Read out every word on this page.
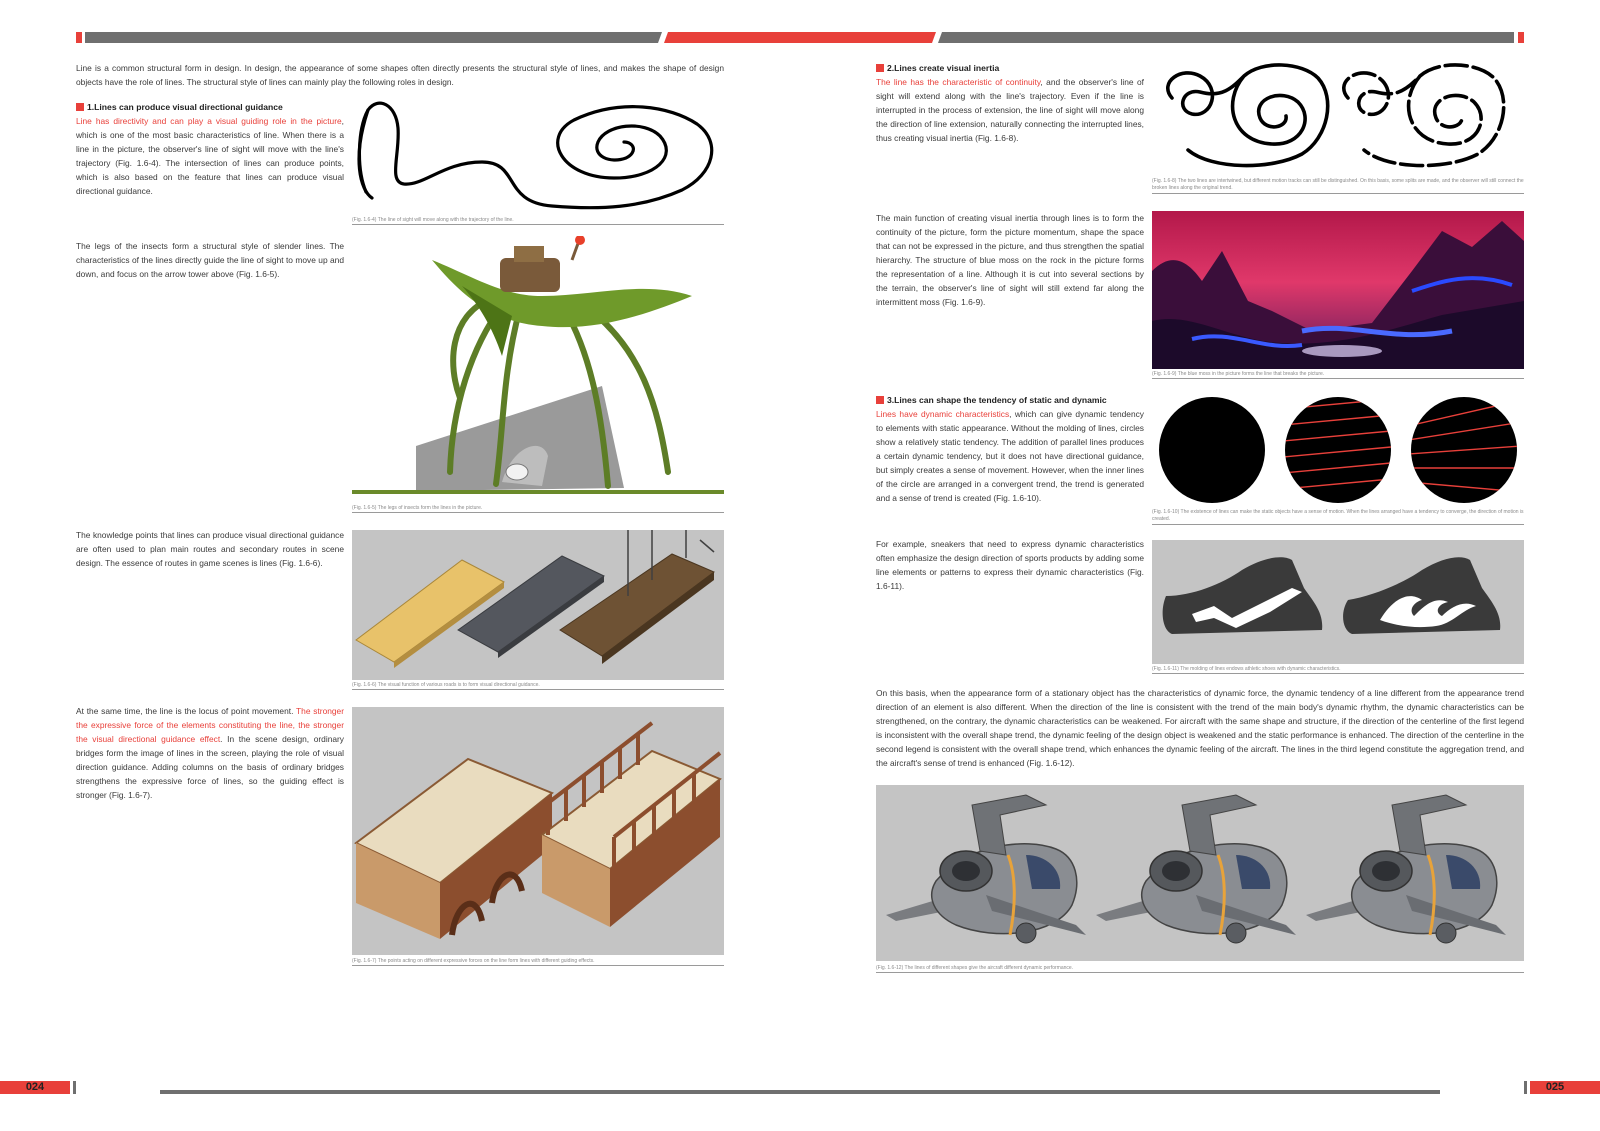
Line is a common structural form in design. In design, the appearance of some shapes often directly presents the structural style of lines, and makes the shape of design objects have the role of lines. The structural style of lines can mainly play the following roles in design.

1.Lines can produce visual directional guidance

Line has directivity and can play a visual guiding role in the picture, which is one of the most basic characteristics of line. When there is a line in the picture, the observer's line of sight will move with the line's trajectory (Fig. 1.6-4). The intersection of lines can produce points, which is also based on the feature that lines can produce visual directional guidance.

(Fig. 1.6-4) The line of sight will move along with the trajectory of the line.

The legs of the insects form a structural style of slender lines. The characteristics of the lines directly guide the line of sight to move up and down, and focus on the arrow tower above (Fig. 1.6-5).

(Fig. 1.6-5) The legs of insects form the lines in the picture.

The knowledge points that lines can produce visual directional guidance are often used to plan main routes and secondary routes in scene design. The essence of routes in game scenes is lines (Fig. 1.6-6).

(Fig. 1.6-6) The visual function of various roads is to form visual directional guidance.

At the same time, the line is the locus of point movement. The stronger the expressive force of the elements constituting the line, the stronger the visual directional guidance effect. In the scene design, ordinary bridges form the image of lines in the screen, playing the role of visual direction guidance. Adding columns on the basis of ordinary bridges strengthens the expressive force of lines, so the guiding effect is stronger (Fig. 1.6-7).

(Fig. 1.6-7) The points acting on different expressive forces on the line form lines with different guiding effects.
2.Lines create visual inertia

The line has the characteristic of continuity, and the observer's line of sight will extend along with the line's trajectory. Even if the line is interrupted in the process of extension, the line of sight will move along the direction of line extension, naturally connecting the interrupted lines, thus creating visual inertia (Fig. 1.6-8).

(Fig. 1.6-8) The two lines are intertwined, but different motion tracks can still be distinguished. On this basis, some splits are made, and the observer will still connect the broken lines along the original trend.

The main function of creating visual inertia through lines is to form the continuity of the picture, form the picture momentum, shape the space that can not be expressed in the picture, and thus strengthen the spatial hierarchy. The structure of blue moss on the rock in the picture forms the representation of a line. Although it is cut into several sections by the terrain, the observer's line of sight will still extend far along the intermittent moss (Fig. 1.6-9).

(Fig. 1.6-9) The blue moss in the picture forms the line that breaks the picture.
3.Lines can shape the tendency of static and dynamic

Lines have dynamic characteristics, which can give dynamic tendency to elements with static appearance. Without the molding of lines, circles show a relatively static tendency. The addition of parallel lines produces a certain dynamic tendency, but it does not have directional guidance, but simply creates a sense of movement. However, when the inner lines of the circle are arranged in a convergent trend, the trend is generated and a sense of trend is created (Fig. 1.6-10).

(Fig. 1.6-10) The existence of lines can make the static objects have a sense of motion. When the lines arranged have a tendency to converge, the direction of motion is created.

For example, sneakers that need to express dynamic characteristics often emphasize the design direction of sports products by adding some line elements or patterns to express their dynamic characteristics (Fig. 1.6-11).

(Fig. 1.6-11) The molding of lines endows athletic shoes with dynamic characteristics.

On this basis, when the appearance form of a stationary object has the characteristics of dynamic force, the dynamic tendency of a line different from the appearance trend direction of an element is also different. When the direction of the line is consistent with the trend of the main body's dynamic rhythm, the dynamic characteristics can be strengthened, on the contrary, the dynamic characteristics can be weakened. For aircraft with the same shape and structure, if the direction of the centerline of the first legend is inconsistent with the overall shape trend, the dynamic feeling of the design object is weakened and the static performance is enhanced. The direction of the centerline in the second legend is consistent with the overall shape trend, which enhances the dynamic feeling of the aircraft. The lines in the third legend constitute the aggregation trend, and the aircraft's sense of trend is enhanced (Fig. 1.6-12).

(Fig. 1.6-12) The lines of different shapes give the aircraft different dynamic performance.
024	025
